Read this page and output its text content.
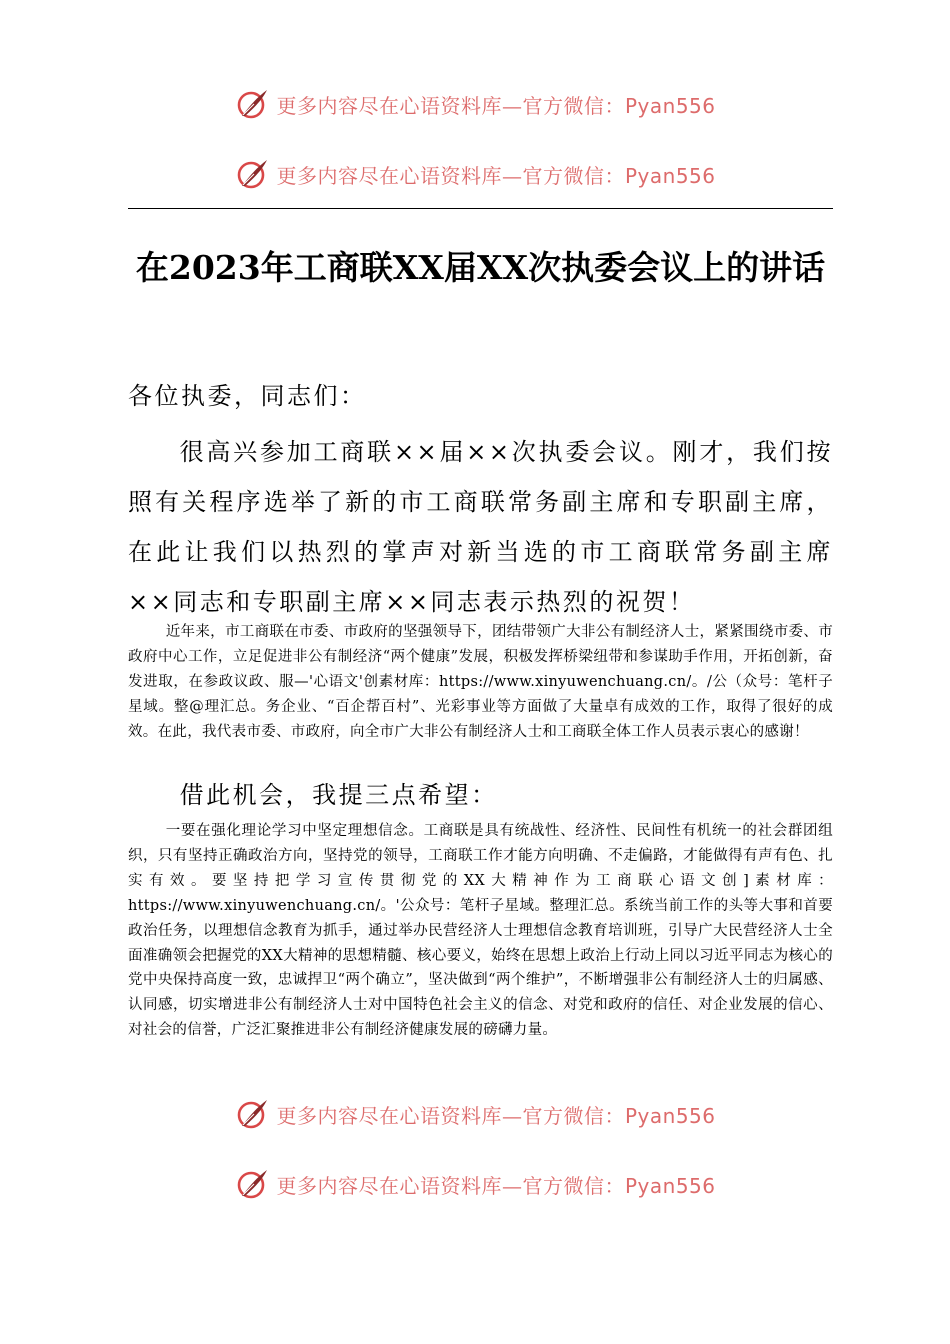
更多内容尽在心语资料库—官方微信：Pyan556
更多内容尽在心语资料库—官方微信：Pyan556
在2023年工商联XX届XX次执委会议上的讲话

各位执委，同志们：

很高兴参加工商联××届××次执委会议。刚才，我们按照有关程序选举了新的市工商联常务副主席和专职副主席，在此让我们以热烈的掌声对新当选的市工商联常务副主席××同志和专职副主席××同志表示热烈的祝贺！

近年来，市工商联在市委、市政府的坚强领导下，团结带领广大非公有制经济人士，紧紧围绕市委、市政府中心工作，立足促进非公有制经济“两个健康”发展，积极发挥桥梁纽带和参谋助手作用，开拓创新，奋发进取，在参政议政、服—'心语文'创素材库：https://www.xinyuwenchuang.cn/。/公（众号：笔杆子星域。整@理汇总。务企业、“百企帮百村”、光彩事业等方面做了大量卓有成效的工作，取得了很好的成效。在此，我代表市委、市政府，向全市广大非公有制经济人士和工商联全体工作人员表示衷心的感谢！

借此机会，我提三点希望：

一要在强化理论学习中坚定理想信念。工商联是具有统战性、经济性、民间性有机统一的社会群团组织，只有坚持正确政治方向，坚持党的领导，工商联工作才能方向明确、不走偏路，才能做得有声有色、扎实有效。要坚持把学习宣传贯彻党的XX大精神作为工商联心语文创]素材库：https://www.xinyuwenchuang.cn/。'公众号：笔杆子星域。整理汇总。系统当前工作的头等大事和首要政治任务，以理想信念教育为抓手，通过举办民营经济人士理想信念教育培训班，引导广大民营经济人士全面准确领会把握党的XX大精神的思想精髓、核心要义，始终在思想上政治上行动上同以习近平同志为核心的党中央保持高度一致，忠诚捍卫“两个确立”，坚决做到“两个维护”，不断增强非公有制经济人士的归属感、认同感，切实增进非公有制经济人士对中国特色社会主义的信念、对党和政府的信任、对企业发展的信心、对社会的信誉，广泛汇聚推进非公有制经济健康发展的磅礴力量。

更多内容尽在心语资料库—官方微信：Pyan556
更多内容尽在心语资料库—官方微信：Pyan556
